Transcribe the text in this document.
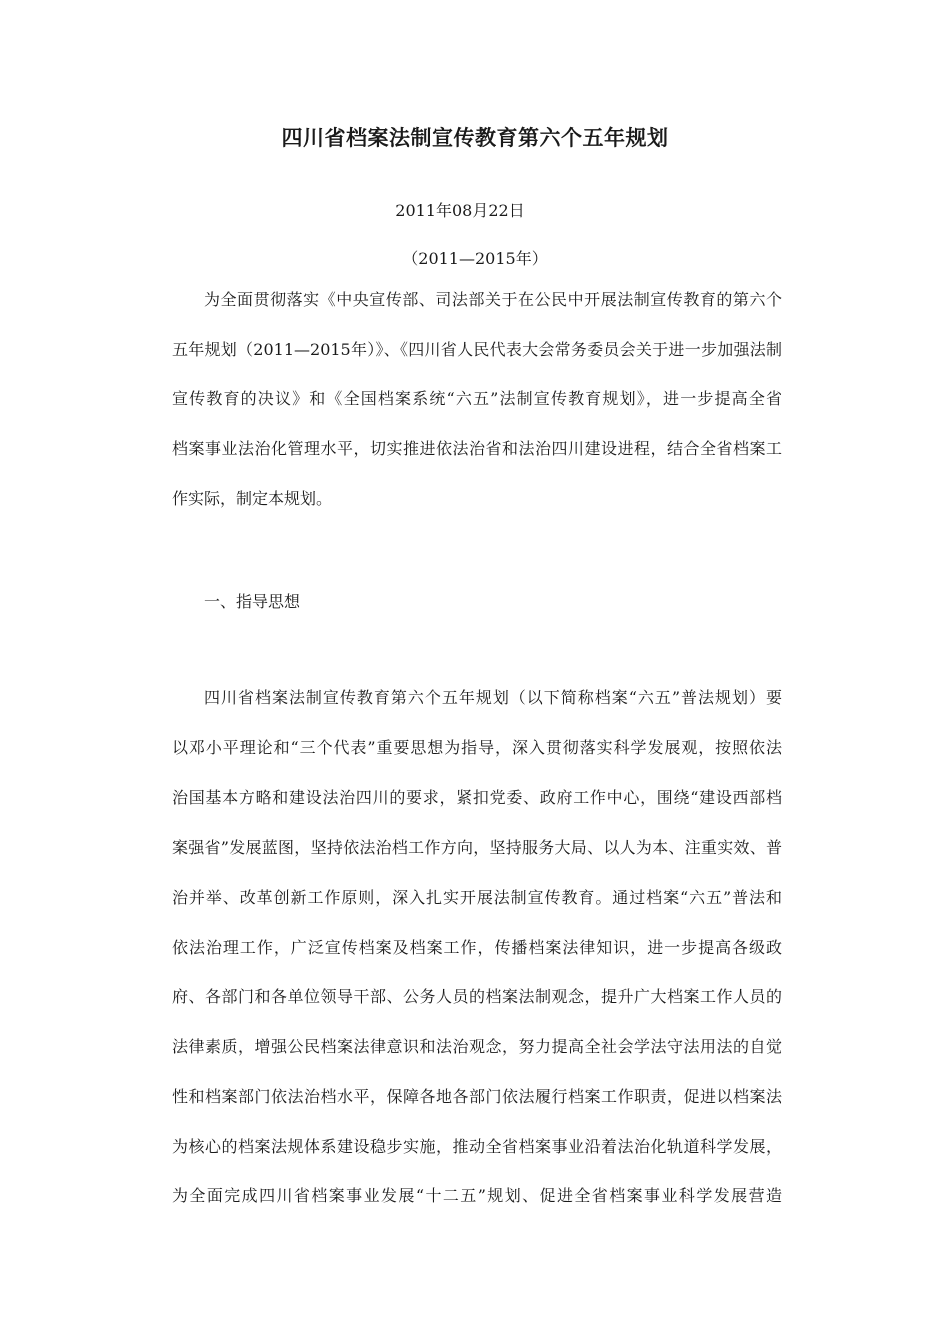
四川省档案法制宣传教育第六个五年规划
2011年08月22日
（2011—2015年）
为全面贯彻落实《中央宣传部、司法部关于在公民中开展法制宣传教育的第六个
五年规划（2011—2015年）》、《四川省人民代表大会常务委员会关于进一步加强法制
宣传教育的决议》和《全国档案系统“六五”法制宣传教育规划》，进一步提高全省
档案事业法治化管理水平，切实推进依法治省和法治四川建设进程，结合全省档案工
作实际，制定本规划。
一、指导思想
四川省档案法制宣传教育第六个五年规划（以下简称档案“六五”普法规划）要
以邓小平理论和“三个代表”重要思想为指导，深入贯彻落实科学发展观，按照依法
治国基本方略和建设法治四川的要求，紧扣党委、政府工作中心，围绕“建设西部档
案强省”发展蓝图，坚持依法治档工作方向，坚持服务大局、以人为本、注重实效、普
治并举、改革创新工作原则，深入扎实开展法制宣传教育。通过档案“六五”普法和
依法治理工作，广泛宣传档案及档案工作，传播档案法律知识，进一步提高各级政
府、各部门和各单位领导干部、公务人员的档案法制观念，提升广大档案工作人员的
法律素质，增强公民档案法律意识和法治观念，努力提高全社会学法守法用法的自觉
性和档案部门依法治档水平，保障各地各部门依法履行档案工作职责，促进以档案法
为核心的档案法规体系建设稳步实施，推动全省档案事业沿着法治化轨道科学发展，
为全面完成四川省档案事业发展“十二五”规划、促进全省档案事业科学发展营造
